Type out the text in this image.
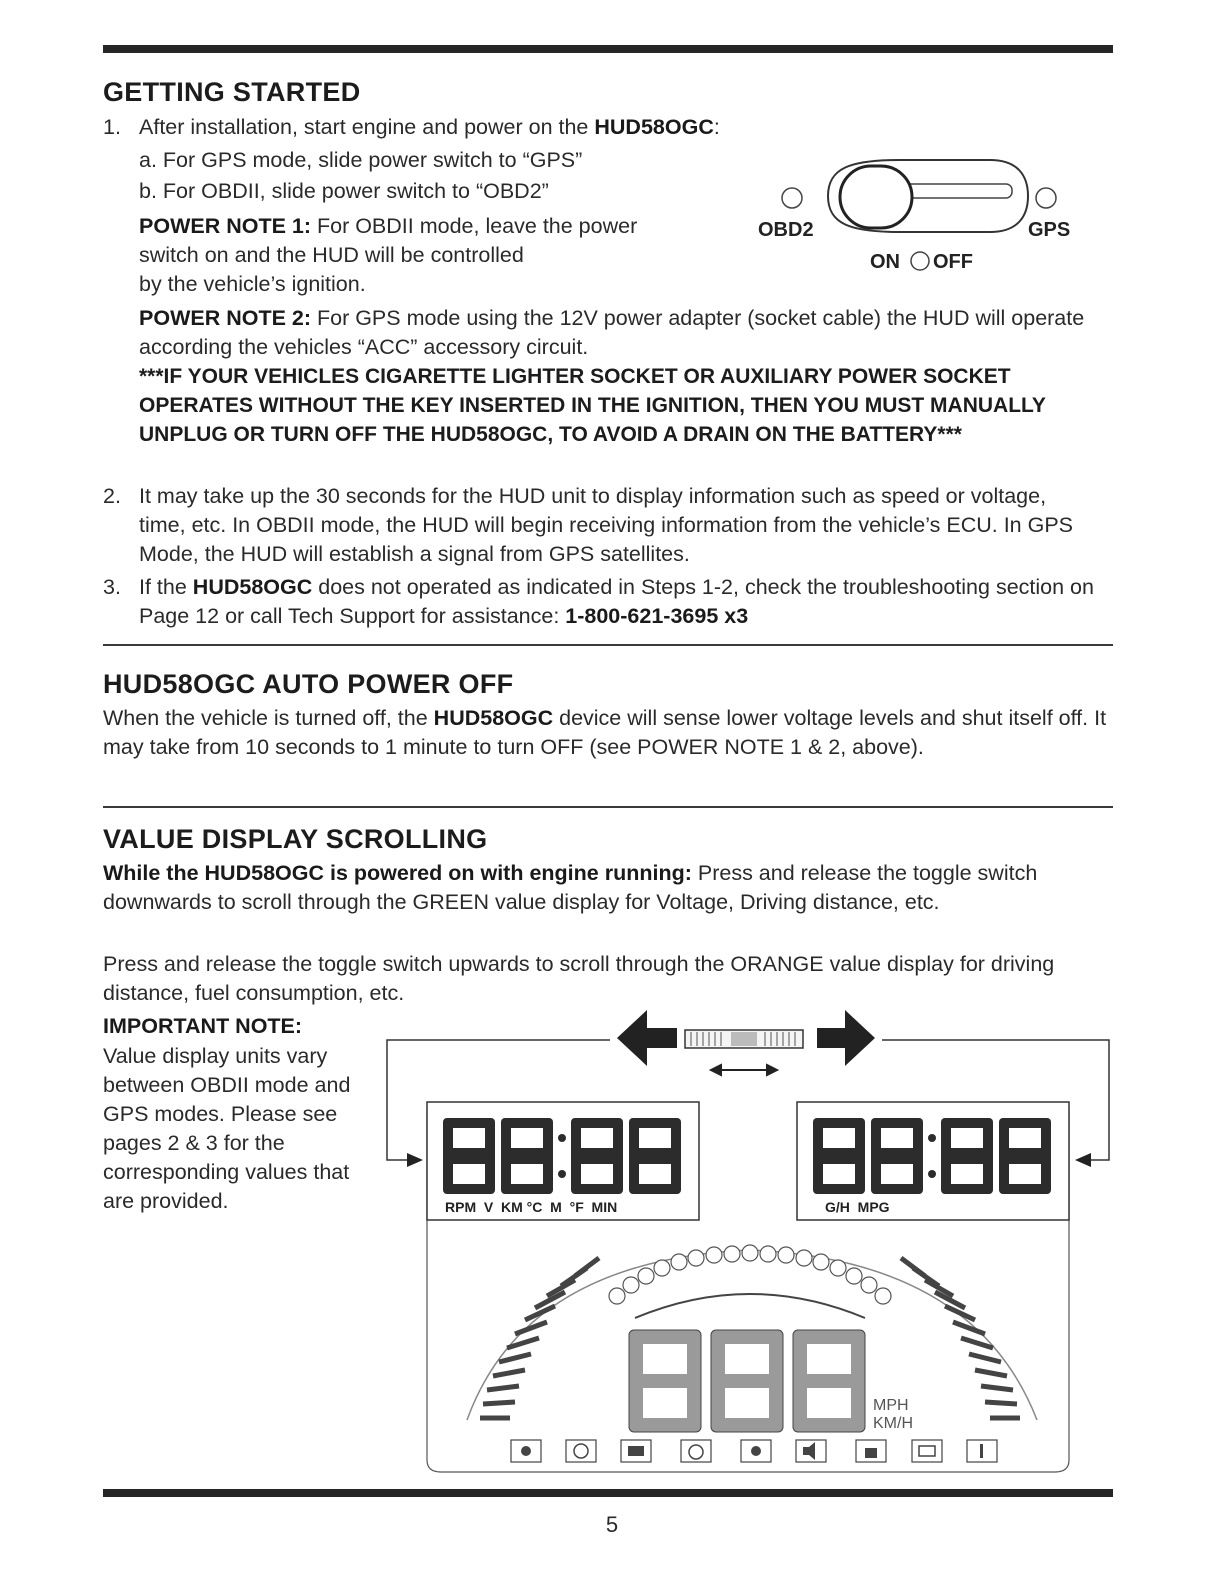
GETTING STARTED
1. After installation, start engine and power on the HUD58OGC:

a. For GPS mode, slide power switch to “GPS”

b. For OBDII, slide power switch to “OBD2”

POWER NOTE 1: For OBDII mode, leave the power

switch on and the HUD will be controlled

by the vehicle’s ignition.

OBD2	GPS
ON OFF

POWER NOTE 2: For GPS mode using the 12V power adapter (socket cable) the HUD will operate according the vehicles “ACC” accessory circuit.

***IF YOUR VEHICLES CIGARETTE LIGHTER SOCKET OR AUXILIARY POWER SOCKET OPERATES WITHOUT THE KEY INSERTED IN THE IGNITION, THEN YOU MUST MANUALLY UNPLUG OR TURN OFF THE HUD58OGC, TO AVOID A DRAIN ON THE BATTERY***

2. It may take up the 30 seconds for the HUD unit to display information such as speed or voltage, time, etc. In OBDII mode, the HUD will begin receiving information from the vehicle’s ECU. In GPS Mode, the HUD will establish a signal from GPS satellites.

3. If the HUD58OGC does not operated as indicated in Steps 1-2, check the troubleshooting section on Page 12 or call Tech Support for assistance: 1-800-621-3695 x3

HUD58OGC AUTO POWER OFF

When the vehicle is turned off, the HUD58OGC device will sense lower voltage levels and shut itself off. It may take from 10 seconds to 1 minute to turn OFF (see POWER NOTE 1 & 2, above).

VALUE DISPLAY SCROLLING

While the HUD58OGC is powered on with engine running: Press and release the toggle switch downwards to scroll through the GREEN value display for Voltage, Driving distance, etc.

Press and release the toggle switch upwards to scroll through the ORANGE value display for driving distance, fuel consumption, etc.

IMPORTANT NOTE:

Value display units vary between OBDII mode and GPS modes. Please see pages 2 & 3 for the corresponding values that are provided.	RPM  V  KM °C  M  °F  MIN	G/H  MPG
MPH
KM/H
5
